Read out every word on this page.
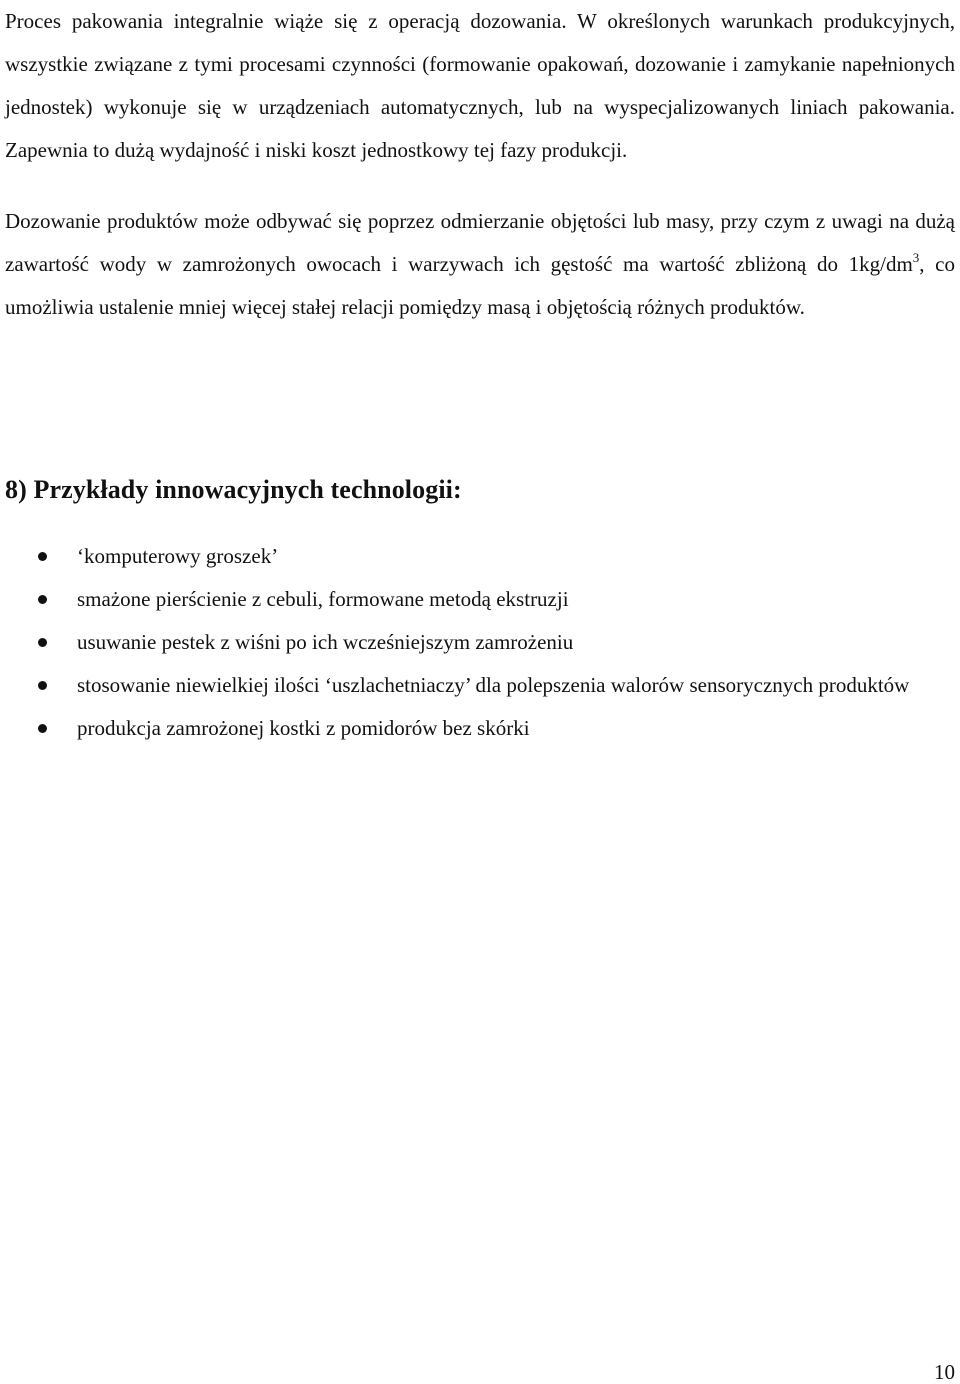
Proces pakowania integralnie wiąże się z operacją dozowania. W określonych warunkach produkcyjnych, wszystkie związane z tymi procesami czynności (formowanie opakowań, dozowanie i zamykanie napełnionych jednostek) wykonuje się w urządzeniach automatycznych, lub na wyspecjalizowanych liniach pakowania. Zapewnia to dużą wydajność i niski koszt jednostkowy tej fazy produkcji.

Dozowanie produktów może odbywać się poprzez odmierzanie objętości lub masy, przy czym z uwagi na dużą zawartość wody w zamrożonych owocach i warzywach ich gęstość ma wartość zbliżoną do $1kg/dm^3$, co umożliwia ustalenie mniej więcej stałej relacji pomiędzy masą i objętością różnych produktów.

8) Przykłady innowacyjnych technologii:
‘komputerowy groszek’
smażone pierścienie z cebuli, formowane metodą ekstruzji
usuwanie pestek z wiśni po ich wcześniejszym zamrożeniu
stosowanie niewielkiej ilości ‘uszlachetniaczy’ dla polepszenia walorów sensorycznych produktów
produkcja zamrożonej kostki z pomidorów bez skórki
10
